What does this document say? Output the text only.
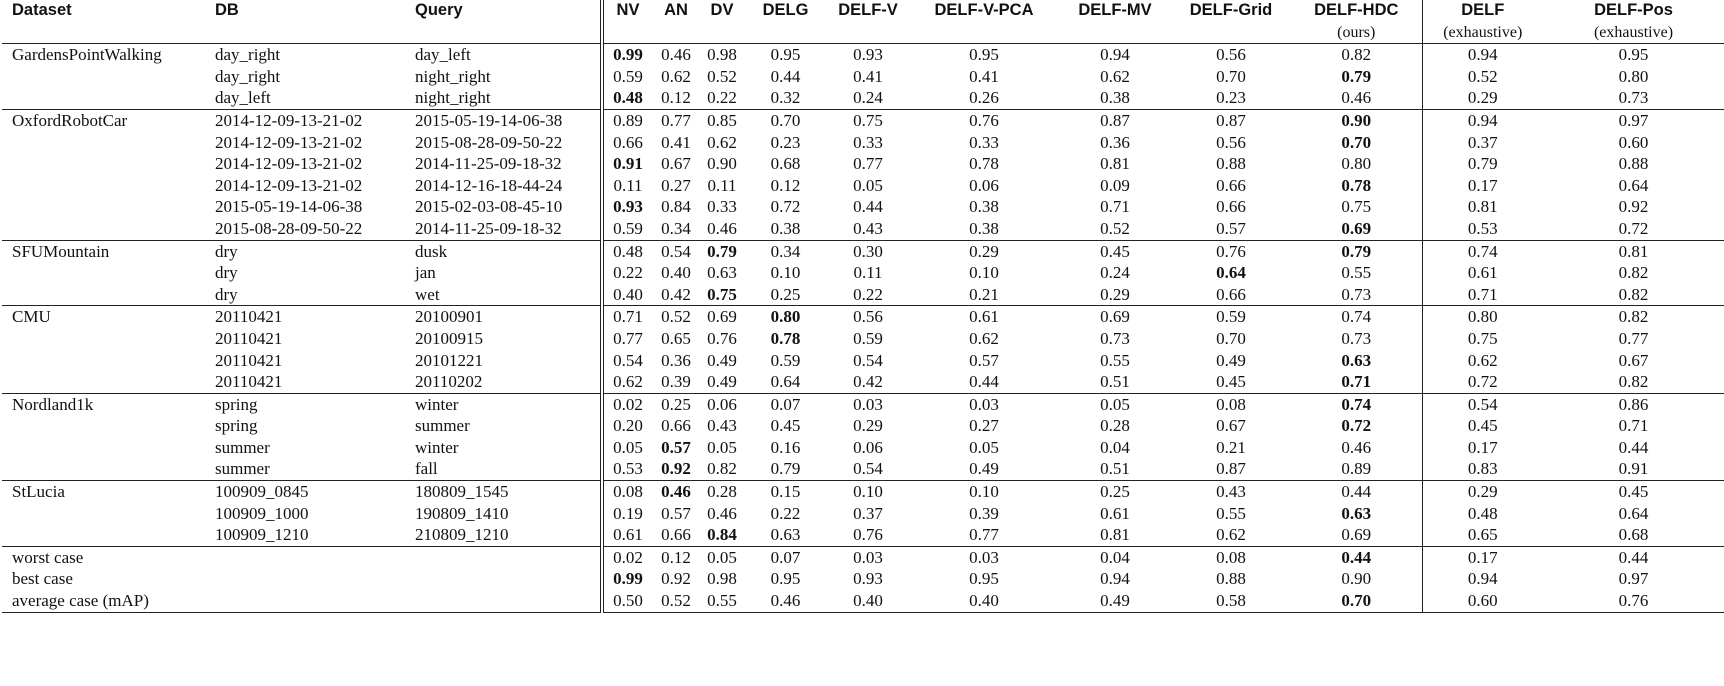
Dataset	DB	Query	NV	AN	DV	DELG	DELF-V	DELF-V-PCA	DELF-MV	DELF-Grid	DELF-HDC	DELF	DELF-Pos
											(ours)	(exhaustive)	(exhaustive)
GardensPointWalking	day_right	day_left	0.99	0.46	0.98	0.95	0.93	0.95	0.94	0.56	0.82	0.94	0.95
	day_right	night_right	0.59	0.62	0.52	0.44	0.41	0.41	0.62	0.70	0.79	0.52	0.80
	day_left	night_right	0.48	0.12	0.22	0.32	0.24	0.26	0.38	0.23	0.46	0.29	0.73
OxfordRobotCar	2014-12-09-13-21-02	2015-05-19-14-06-38	0.89	0.77	0.85	0.70	0.75	0.76	0.87	0.87	0.90	0.94	0.97
	2014-12-09-13-21-02	2015-08-28-09-50-22	0.66	0.41	0.62	0.23	0.33	0.33	0.36	0.56	0.70	0.37	0.60
	2014-12-09-13-21-02	2014-11-25-09-18-32	0.91	0.67	0.90	0.68	0.77	0.78	0.81	0.88	0.80	0.79	0.88
	2014-12-09-13-21-02	2014-12-16-18-44-24	0.11	0.27	0.11	0.12	0.05	0.06	0.09	0.66	0.78	0.17	0.64
	2015-05-19-14-06-38	2015-02-03-08-45-10	0.93	0.84	0.33	0.72	0.44	0.38	0.71	0.66	0.75	0.81	0.92
	2015-08-28-09-50-22	2014-11-25-09-18-32	0.59	0.34	0.46	0.38	0.43	0.38	0.52	0.57	0.69	0.53	0.72
SFUMountain	dry	dusk	0.48	0.54	0.79	0.34	0.30	0.29	0.45	0.76	0.79	0.74	0.81
	dry	jan	0.22	0.40	0.63	0.10	0.11	0.10	0.24	0.64	0.55	0.61	0.82
	dry	wet	0.40	0.42	0.75	0.25	0.22	0.21	0.29	0.66	0.73	0.71	0.82
CMU	20110421	20100901	0.71	0.52	0.69	0.80	0.56	0.61	0.69	0.59	0.74	0.80	0.82
	20110421	20100915	0.77	0.65	0.76	0.78	0.59	0.62	0.73	0.70	0.73	0.75	0.77
	20110421	20101221	0.54	0.36	0.49	0.59	0.54	0.57	0.55	0.49	0.63	0.62	0.67
	20110421	20110202	0.62	0.39	0.49	0.64	0.42	0.44	0.51	0.45	0.71	0.72	0.82
Nordland1k	spring	winter	0.02	0.25	0.06	0.07	0.03	0.03	0.05	0.08	0.74	0.54	0.86
	spring	summer	0.20	0.66	0.43	0.45	0.29	0.27	0.28	0.67	0.72	0.45	0.71
	summer	winter	0.05	0.57	0.05	0.16	0.06	0.05	0.04	0.21	0.46	0.17	0.44
	summer	fall	0.53	0.92	0.82	0.79	0.54	0.49	0.51	0.87	0.89	0.83	0.91
StLucia	100909_0845	180809_1545	0.08	0.46	0.28	0.15	0.10	0.10	0.25	0.43	0.44	0.29	0.45
	100909_1000	190809_1410	0.19	0.57	0.46	0.22	0.37	0.39	0.61	0.55	0.63	0.48	0.64
	100909_1210	210809_1210	0.61	0.66	0.84	0.63	0.76	0.77	0.81	0.62	0.69	0.65	0.68
worst case			0.02	0.12	0.05	0.07	0.03	0.03	0.04	0.08	0.44	0.17	0.44
best case			0.99	0.92	0.98	0.95	0.93	0.95	0.94	0.88	0.90	0.94	0.97
average case (mAP)			0.50	0.52	0.55	0.46	0.40	0.40	0.49	0.58	0.70	0.60	0.76
